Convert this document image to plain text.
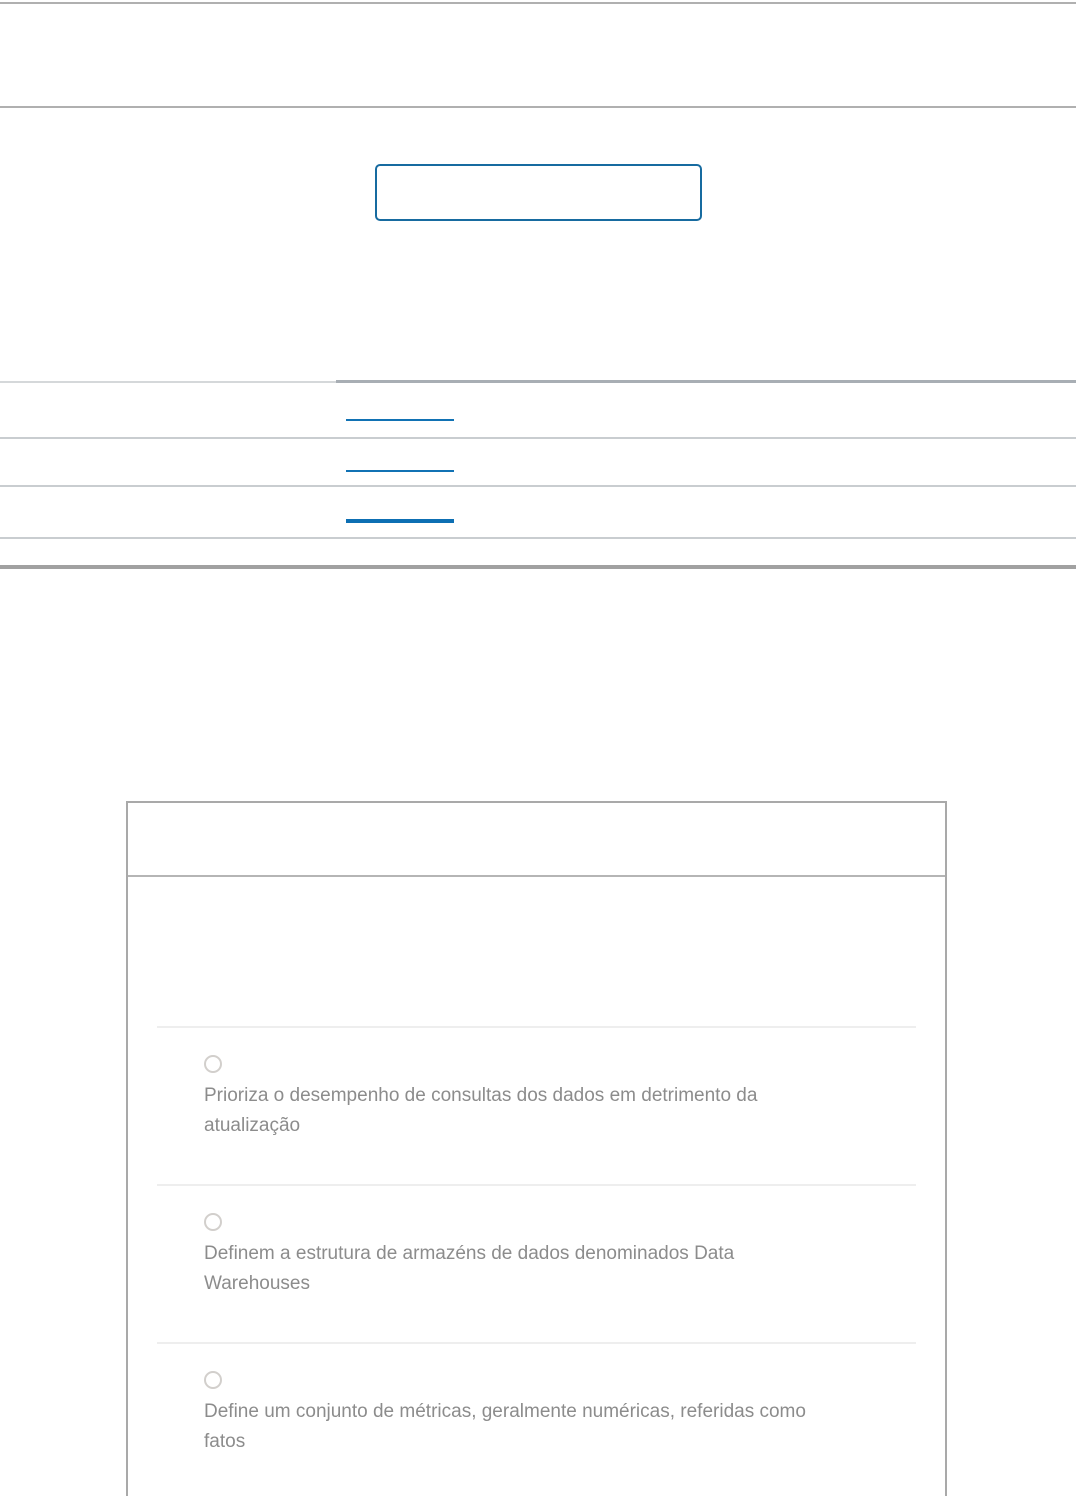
Prioriza o desempenho de consultas dos dados em detrimento da
atualização
Definem a estrutura de armazéns de dados denominados Data
Warehouses
Define um conjunto de métricas, geralmente numéricas, referidas como
fatos
